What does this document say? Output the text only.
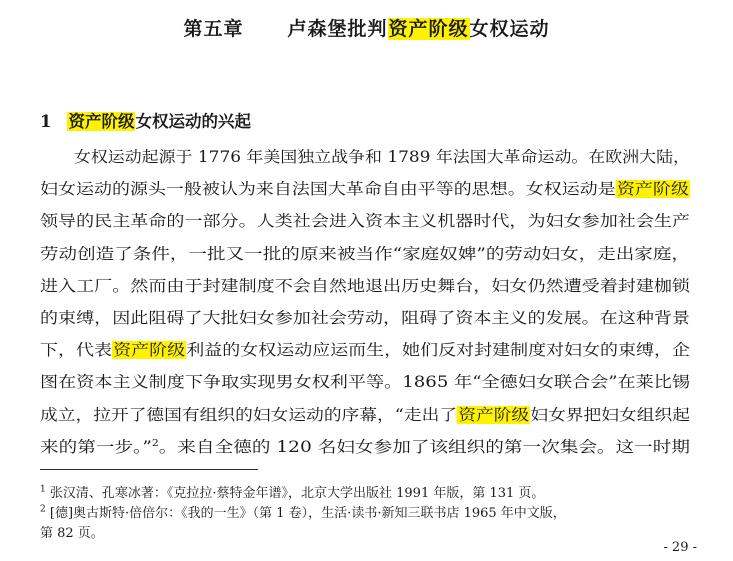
第五章 卢森堡批判资产阶级女权运动
1 资产阶级女权运动的兴起
　　女权运动起源于 1776 年美国独立战争和 1789 年法国大革命运动。在欧洲大陆，
妇女运动的源头一般被认为来自法国大革命自由平等的思想。女权运动是资产阶级
领导的民主革命的一部分。人类社会进入资本主义机器时代，为妇女参加社会生产
劳动创造了条件，一批又一批的原来被当作“家庭奴婢”的劳动妇女，走出家庭，
进入工厂。然而由于封建制度不会自然地退出历史舞台，妇女仍然遭受着封建枷锁
的束缚，因此阻碍了大批妇女参加社会劳动，阻碍了资本主义的发展。在这种背景
下，代表资产阶级利益的女权运动应运而生，她们反对封建制度对妇女的束缚，企
图在资本主义制度下争取实现男女权利平等。1865 年“全德妇女联合会”在莱比锡
成立，拉开了德国有组织的妇女运动的序幕，“走出了资产阶级妇女界把妇女组织起
来的第一步。”$^2$。来自全德的 120 名妇女参加了该组织的第一次集会。这一时期
$^1$ 张汉清、孔寒冰著：《克拉拉·蔡特金年谱》，北京大学出版社 1991 年版，第 131 页。
$^2$ [德]奥古斯特·倍倍尔：《我的一生》（第 1 卷），生活·读书·新知三联书店 1965 年中文版，
第 82 页。
- 29 -
